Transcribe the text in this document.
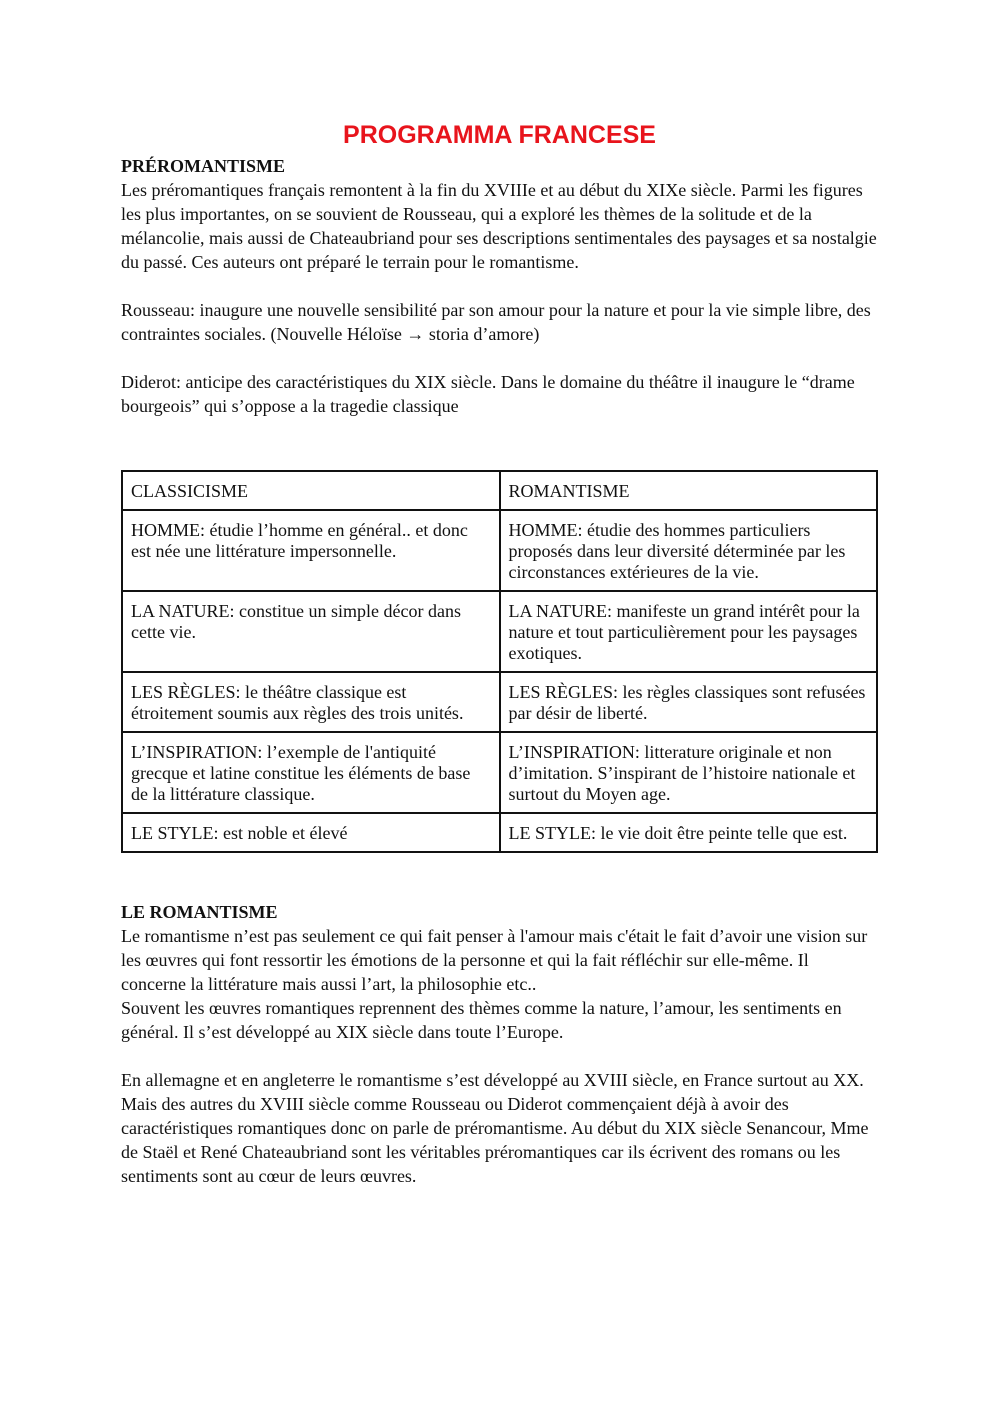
PROGRAMMA FRANCESE
PRÉROMANTISME

Les préromantiques français remontent à la fin du XVIIIe et au début du XIXe siècle. Parmi les figures les plus importantes, on se souvient de Rousseau, qui a exploré les thèmes de la solitude et de la mélancolie, mais aussi de Chateaubriand pour ses descriptions sentimentales des paysages et sa nostalgie du passé. Ces auteurs ont préparé le terrain pour le romantisme.

Rousseau: inaugure une nouvelle sensibilité par son amour pour la nature et pour la vie simple libre, des contraintes sociales. (Nouvelle Héloïse → storia d’amore)

Diderot: anticipe des caractéristiques du XIX siècle. Dans le domaine du théâtre il inaugure le “drame bourgeois” qui s’oppose a la tragedie classique

CLASSICISME	ROMANTISME
HOMME: étudie l’homme en général.. et donc est née une littérature impersonnelle.	HOMME: étudie des hommes particuliers proposés dans leur diversité déterminée par les circonstances extérieures de la vie.
LA NATURE: constitue un simple décor dans cette vie.	LA NATURE: manifeste un grand intérêt pour la nature et tout particulièrement pour les paysages exotiques.
LES RÈGLES: le théâtre classique est étroitement soumis aux règles des trois unités.	LES RÈGLES: les règles classiques sont refusées par désir de liberté.
L’INSPIRATION: l’exemple de l'antiquité grecque et latine constitue les éléments de base de la littérature classique.	L’INSPIRATION: litterature originale et non d’imitation. S’inspirant de l’histoire nationale et surtout du Moyen age.
LE STYLE: est noble et élevé	LE STYLE: le vie doit être peinte telle que est.
LE ROMANTISME

Le romantisme n’est pas seulement ce qui fait penser à l'amour mais c'était le fait d’avoir une vision sur les œuvres qui font ressortir les émotions de la personne et qui la fait réfléchir sur elle-même. Il concerne la littérature mais aussi l’art, la philosophie etc..

Souvent les œuvres romantiques reprennent des thèmes comme la nature, l’amour, les sentiments en général. Il s’est développé au XIX siècle dans toute l’Europe.

En allemagne et en angleterre le romantisme s’est développé au XVIII siècle, en France surtout au XX. Mais des autres du XVIII siècle comme Rousseau ou Diderot commençaient déjà à avoir des caractéristiques romantiques donc on parle de préromantisme. Au début du XIX siècle Senancour, Mme de Staël et René Chateaubriand sont les véritables préromantiques car ils écrivent des romans ou les sentiments sont au cœur de leurs œuvres.
